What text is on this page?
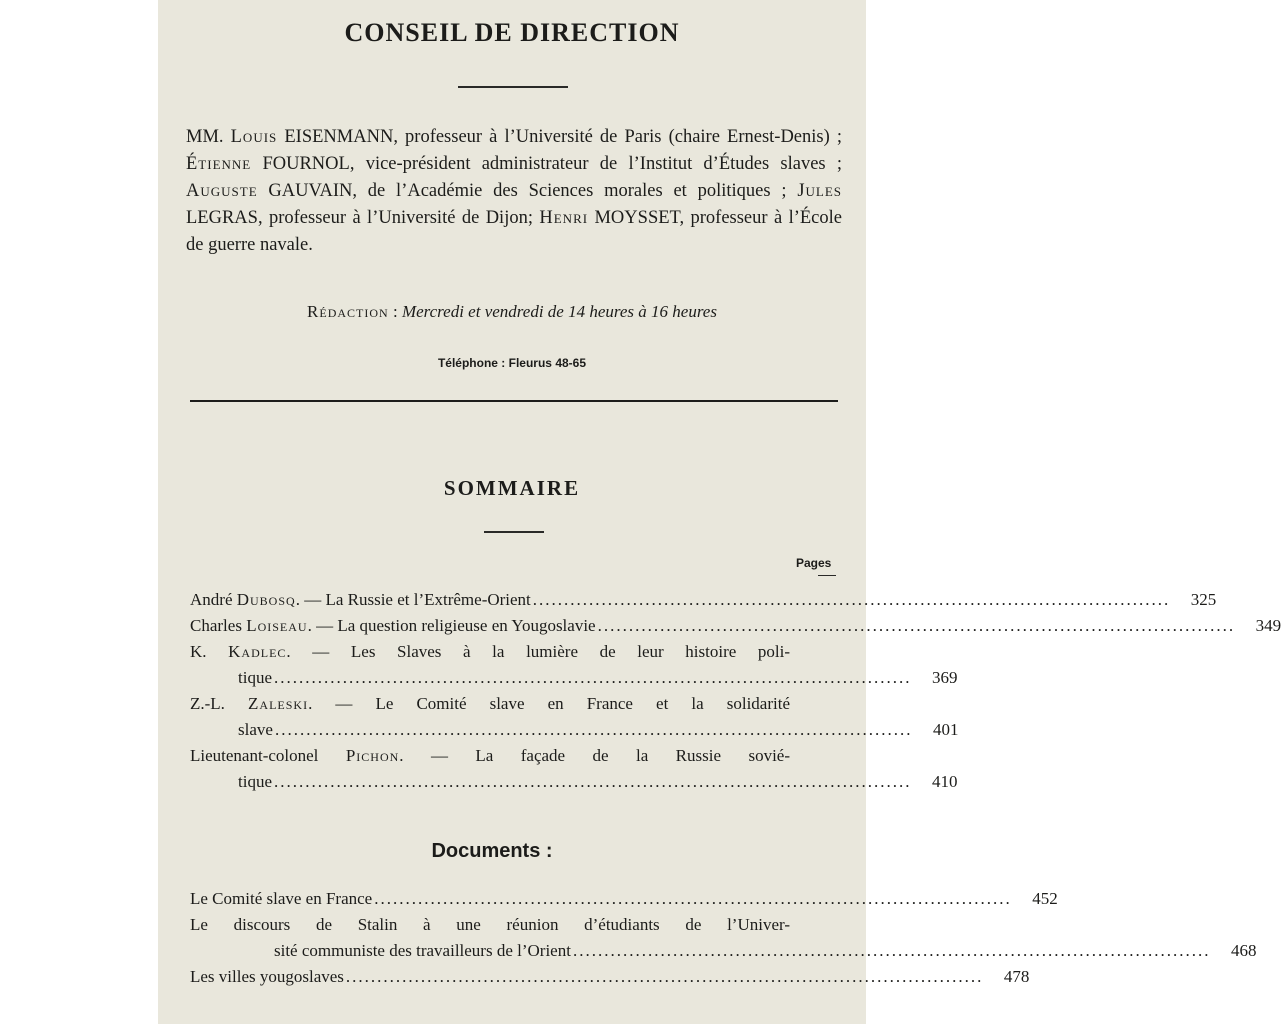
CONSEIL DE DIRECTION
MM. Louis EISENMANN, professeur à l’Université de Paris (chaire Ernest-Denis) ; Étienne FOURNOL, vice-président administrateur de l’Institut d’Études slaves ; Auguste GAUVAIN, de l’Académie des Sciences morales et politiques ; Jules LEGRAS, professeur à l’Université de Dijon; Henri MOYSSET, professeur à l’École de guerre navale.
Rédaction : Mercredi et vendredi de 14 heures à 16 heures
Téléphone : Fleurus 48-65
SOMMAIRE
Pages
André Dubosq. — La Russie et l’Extrême-Orient ......................................................................................................	325
Charles Loiseau. — La question religieuse en Yougoslavie ......................................................................................................	349
K. Kadlec. — Les Slaves à la lumière de leur histoire poli-
tique ......................................................................................................	369
Z.-L. Zaleski. — Le Comité slave en France et la solidarité
slave ......................................................................................................	401
Lieutenant-colonel Pichon. — La façade de la Russie sovié-
tique ......................................................................................................	410
Documents :
Le Comité slave en France ......................................................................................................	452
Le discours de Stalin à une réunion d’étudiants de l’Univer-
sité communiste des travailleurs de l’Orient ......................................................................................................	468
Les villes yougoslaves ......................................................................................................	478
